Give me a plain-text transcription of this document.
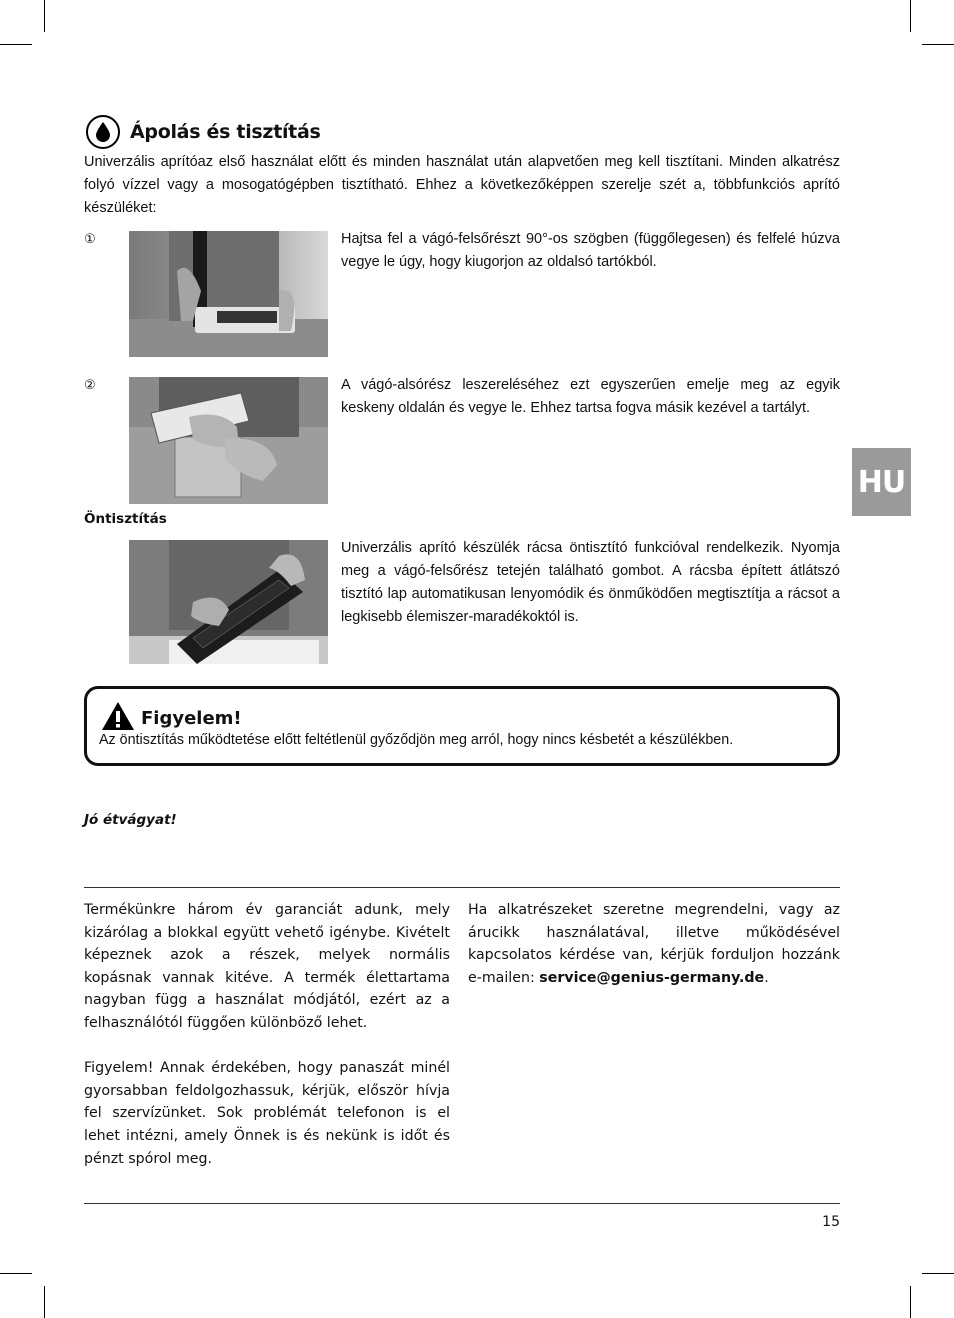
Ápolás és tisztítás
Univerzális aprítóaz első használat előtt és minden használat után alapvetően meg kell tisztítani. Minden alkatrész folyó vízzel vagy a mosogatógépben tisztítható. Ehhez a következőképpen szerelje szét a, többfunkciós aprító készüléket:
①	Hajtsa fel a vágó-felsőrészt 90°-os szögben (függőlegesen) és felfelé húzva vegye le úgy, hogy kiugorjon az oldalsó tartókból.
②	A vágó-alsórész leszereléséhez ezt egyszerűen emelje meg az egyik keskeny oldalán és vegye le. Ehhez tartsa fogva másik kezével a tartályt.
Öntisztítás
Univerzális aprító készülék rácsa öntisztító funkcióval rendelkezik. Nyomja meg a vágó-felsőrész tetején található gombot. A rácsba épített átlátszó tisztító lap automatikusan lenyomódik és önműködően megtisztítja a rácsot a legkisebb élemiszer-maradékoktól is.
Figyelem!
Az öntisztítás működtetése előtt feltétlenül győződjön meg arról, hogy nincs késbetét a készülékben.
Jó étvágyat!

Termékünkre három év garanciát adunk, mely kizárólag a blokkal együtt vehető igénybe. Kivételt képeznek azok a részek, melyek normális kopásnak vannak kitéve. A termék élettartama nagyban függ a használat módjától, ezért az a felhasználótól függően különböző lehet.

Figyelem! Annak érdekében, hogy panaszát minél gyorsabban feldolgozhassuk, kérjük, először hívja fel szervízünket. Sok problémát telefonon is el lehet intézni, amely Önnek is és nekünk is időt és pénzt spórol meg.

Ha alkatrészeket szeretne megrendelni, vagy az árucikk használatával, illetve működésével kapcsolatos kérdése van, kérjük forduljon hozzánk e-mailen: service@genius-germany.de.

HU
15
